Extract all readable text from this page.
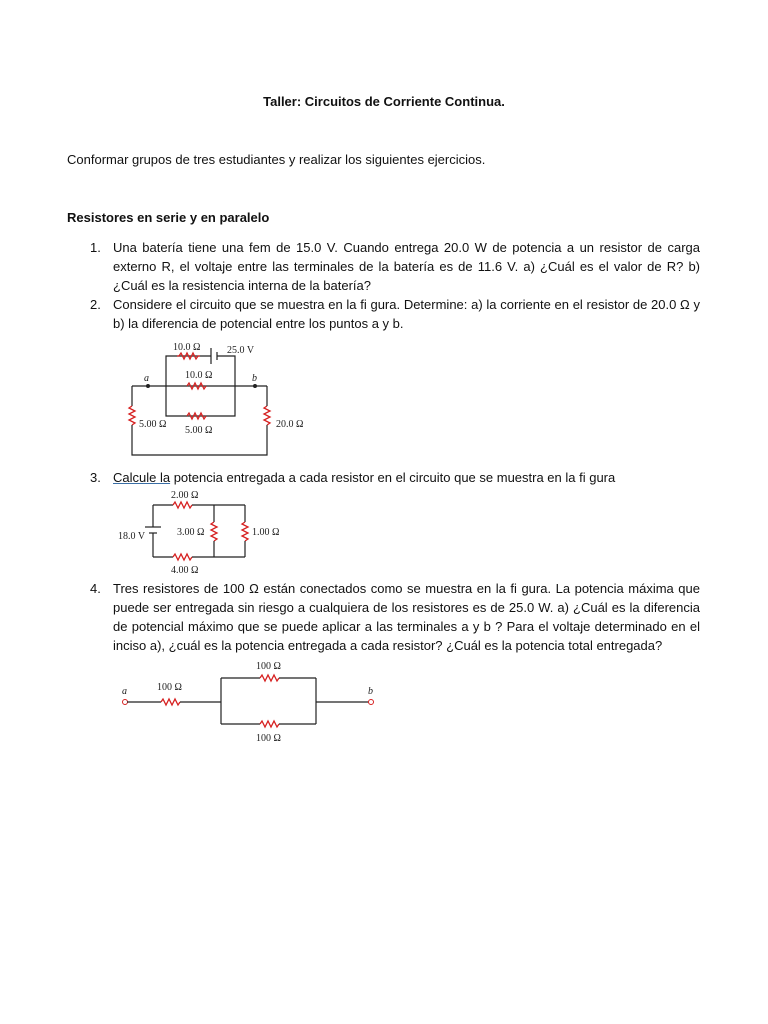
Taller: Circuitos de Corriente Continua.
Conformar grupos de tres estudiantes y realizar los siguientes ejercicios.
Resistores en serie y en paralelo
1. Una batería tiene una fem de 15.0 V. Cuando entrega 20.0 W de potencia a un resistor de carga externo R, el voltaje entre las terminales de la batería es de 11.6 V. a) ¿Cuál es el valor de R? b) ¿Cuál es la resistencia interna de la batería?
2. Considere el circuito que se muestra en la fi gura. Determine: a) la corriente en el resistor de 20.0 Ω y b) la diferencia de potencial entre los puntos a y b.
10.0 Ω	25.0 V
10.0 Ω
5.00 Ω
5.00 Ω	20.0 Ω
a	b
3. Calcule la potencia entregada a cada resistor en el circuito que se muestra en la fi gura
2.00 Ω
18.0 V	3.00 Ω	1.00 Ω
4.00 Ω
4. Tres resistores de 100 Ω están conectados como se muestra en la fi gura. La potencia máxima que puede ser entregada sin riesgo a cualquiera de los resistores es de 25.0 W. a) ¿Cuál es la diferencia de potencial máximo que se puede aplicar a las terminales a y b ? Para el voltaje determinado en el inciso a), ¿cuál es la potencia entregada a cada resistor? ¿Cuál es la potencia total entregada?
a	b
100 Ω
100 Ω
100 Ω
